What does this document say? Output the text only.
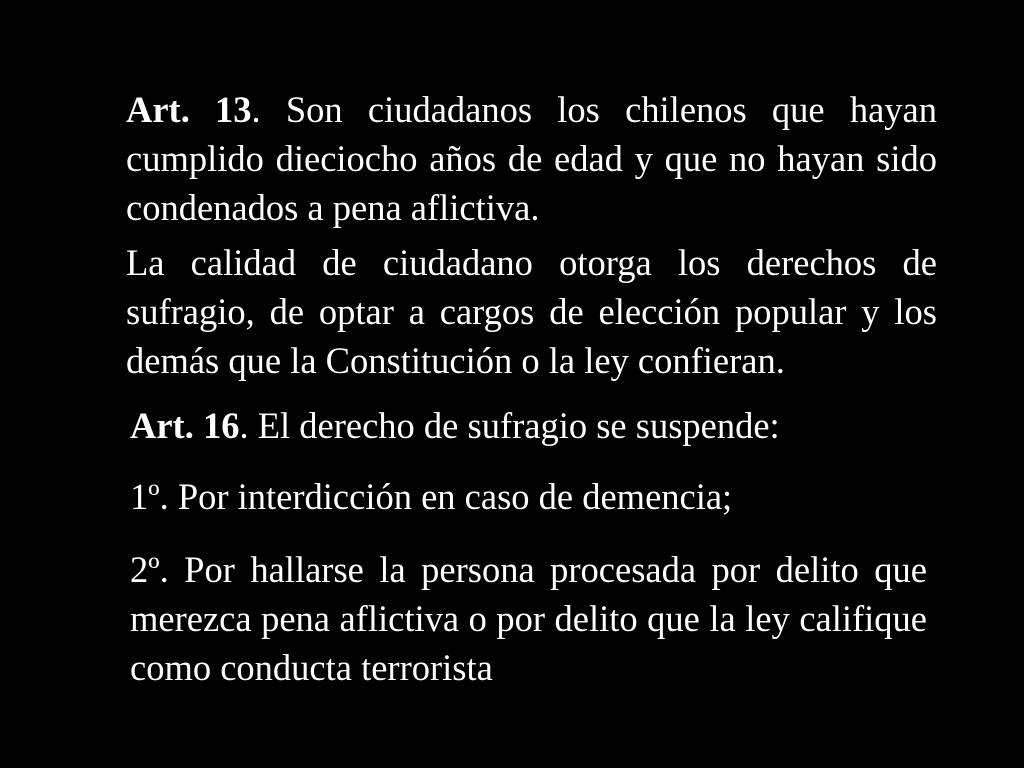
Art. 13. Son ciudadanos los chilenos que hayan cumplido dieciocho años de edad y que no hayan sido condenados a pena aflictiva.

La calidad de ciudadano otorga los derechos de sufragio, de optar a cargos de elección popular y los demás que la Constitución o la ley confieran.

Art. 16. El derecho de sufragio se suspende:

1º. Por interdicción en caso de demencia;

2º. Por hallarse la persona procesada por delito que merezca pena aflictiva o por delito que la ley califique como conducta terrorista
